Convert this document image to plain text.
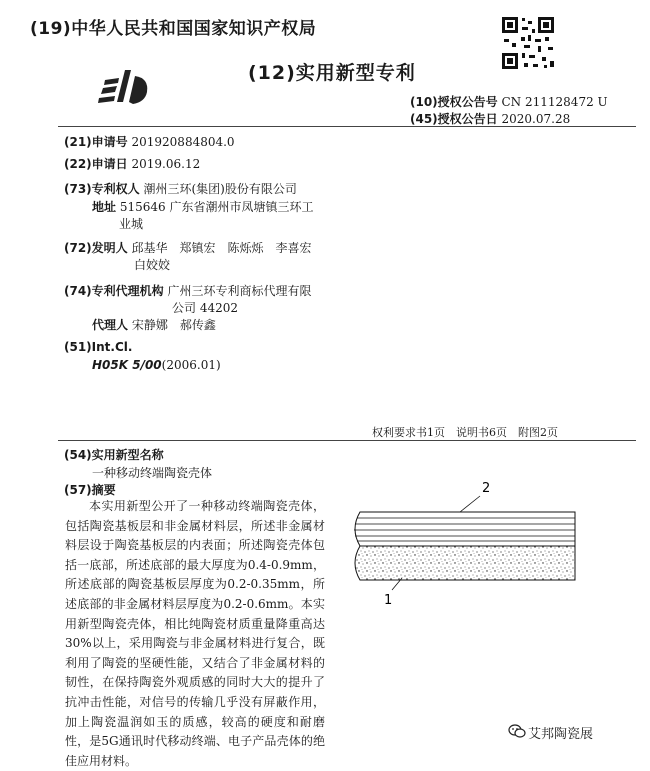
(19)中华人民共和国国家知识产权局
(12)实用新型专利
(10)授权公告号 CN 211128472 U
(45)授权公告日 2020.07.28
(21)申请号 201920884804.0
(22)申请日 2019.06.12
(73)专利权人 潮州三环(集团)股份有限公司
地址 515646 广东省潮州市凤塘镇三环工
业城
(72)发明人 邱基华　郑镇宏　陈烁烁　李喜宏
白姣姣
(74)专利代理机构 广州三环专利商标代理有限
公司 44202
代理人 宋静娜　郝传鑫
(51)Int.Cl.
H05K 5/00(2006.01)
权利要求书1页　说明书6页　附图2页
(54)实用新型名称
一种移动终端陶瓷壳体
(57)摘要

本实用新型公开了一种移动终端陶瓷壳体，包括陶瓷基板层和非金属材料层，所述非金属材料层设于陶瓷基板层的内表面；所述陶瓷壳体包括一底部，所述底部的最大厚度为0.4-0.9mm，所述底部的陶瓷基板层厚度为0.2-0.35mm，所述底部的非金属材料层厚度为0.2-0.6mm。本实用新型陶瓷壳体，相比纯陶瓷材质重量降重高达30%以上，采用陶瓷与非金属材料进行复合，既利用了陶瓷的坚硬性能，又结合了非金属材料的韧性，在保持陶瓷外观质感的同时大大的提升了抗冲击性能，对信号的传输几乎没有屏蔽作用，加上陶瓷温润如玉的质感，较高的硬度和耐磨性，是5G通讯时代移动终端、电子产品壳体的绝佳应用材料。

2
1
艾邦陶瓷展
